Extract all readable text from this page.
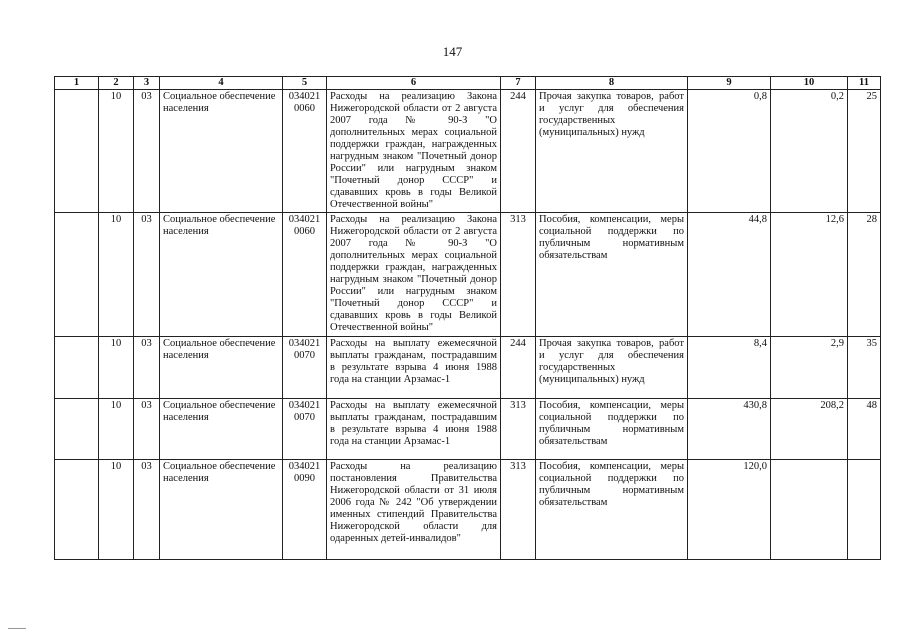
147
1	2	3	4	5	6	7	8	9	10	11
	10	03	Социальное обеспечение населения	034021 0060	Расходы на реализацию Закона Нижегородской области от 2 августа 2007 года № 90-З "О дополнительных мерах социальной поддержки граждан, награжденных нагрудным знаком "Почетный донор России" или нагрудным знаком "Почетный донор СССР" и сдававших кровь в годы Великой Отечественной войны"	244	Прочая закупка товаров, работ и услуг для обеспечения государственных (муниципальных) нужд	0,8	0,2	25
	10	03	Социальное обеспечение населения	034021 0060	Расходы на реализацию Закона Нижегородской области от 2 августа 2007 года № 90-З "О дополнительных мерах социальной поддержки граждан, награжденных нагрудным знаком "Почетный донор России" или нагрудным знаком "Почетный донор СССР" и сдававших кровь в годы Великой Отечественной войны"	313	Пособия, компенсации, меры социальной поддержки по публичным нормативным обязательствам	44,8	12,6	28
	10	03	Социальное обеспечение населения	034021 0070	Расходы на выплату ежемесячной выплаты гражданам, пострадавшим в результате взрыва 4 июня 1988 года на станции Арзамас-1	244	Прочая закупка товаров, работ и услуг для обеспечения государственных (муниципальных) нужд	8,4	2,9	35
	10	03	Социальное обеспечение населения	034021 0070	Расходы на выплату ежемесячной выплаты гражданам, пострадавшим в результате взрыва 4 июня 1988 года на станции Арзамас-1	313	Пособия, компенсации, меры социальной поддержки по публичным нормативным обязательствам	430,8	208,2	48
	10	03	Социальное обеспечение населения	034021 0090	Расходы на реализацию постановления Правительства Нижегородской области от 31 июля 2006 года № 242 "Об утверждении именных стипендий Правительства Нижегородской области для одаренных детей-инвалидов"	313	Пособия, компенсации, меры социальной поддержки по публичным нормативным обязательствам	120,0		
